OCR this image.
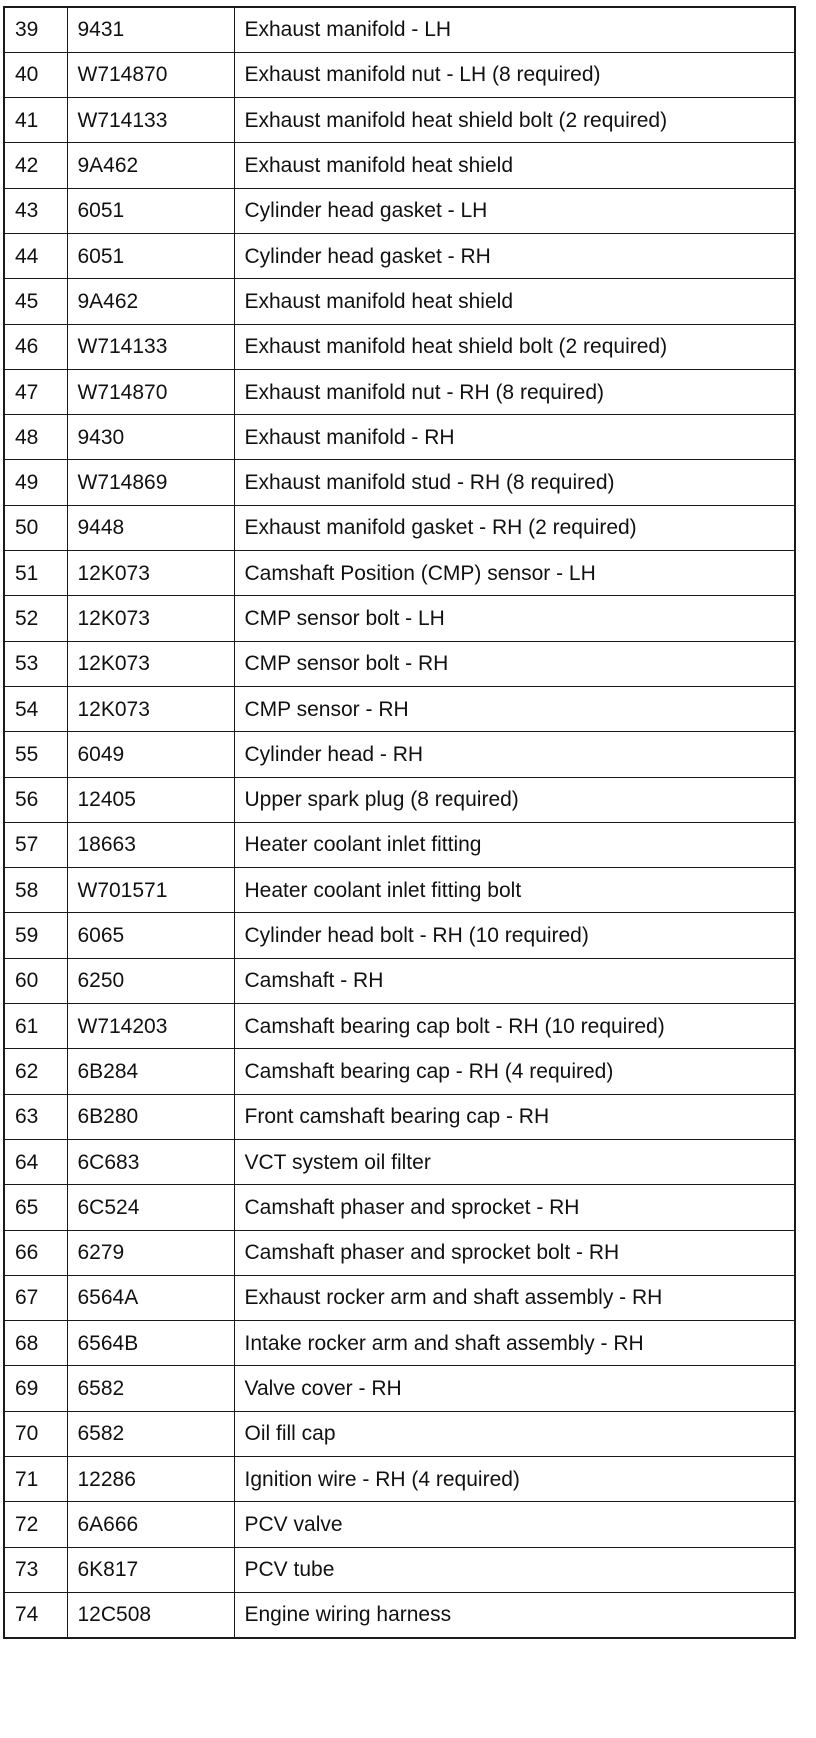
39	9431	Exhaust manifold - LH
40	W714870	Exhaust manifold nut - LH (8 required)
41	W714133	Exhaust manifold heat shield bolt (2 required)
42	9A462	Exhaust manifold heat shield
43	6051	Cylinder head gasket - LH
44	6051	Cylinder head gasket - RH
45	9A462	Exhaust manifold heat shield
46	W714133	Exhaust manifold heat shield bolt (2 required)
47	W714870	Exhaust manifold nut - RH (8 required)
48	9430	Exhaust manifold - RH
49	W714869	Exhaust manifold stud - RH (8 required)
50	9448	Exhaust manifold gasket - RH (2 required)
51	12K073	Camshaft Position (CMP) sensor - LH
52	12K073	CMP sensor bolt - LH
53	12K073	CMP sensor bolt - RH
54	12K073	CMP sensor - RH
55	6049	Cylinder head - RH
56	12405	Upper spark plug (8 required)
57	18663	Heater coolant inlet fitting
58	W701571	Heater coolant inlet fitting bolt
59	6065	Cylinder head bolt - RH (10 required)
60	6250	Camshaft - RH
61	W714203	Camshaft bearing cap bolt - RH (10 required)
62	6B284	Camshaft bearing cap - RH (4 required)
63	6B280	Front camshaft bearing cap - RH
64	6C683	VCT system oil filter
65	6C524	Camshaft phaser and sprocket - RH
66	6279	Camshaft phaser and sprocket bolt - RH
67	6564A	Exhaust rocker arm and shaft assembly - RH
68	6564B	Intake rocker arm and shaft assembly - RH
69	6582	Valve cover - RH
70	6582	Oil fill cap
71	12286	Ignition wire - RH (4 required)
72	6A666	PCV valve
73	6K817	PCV tube
74	12C508	Engine wiring harness
